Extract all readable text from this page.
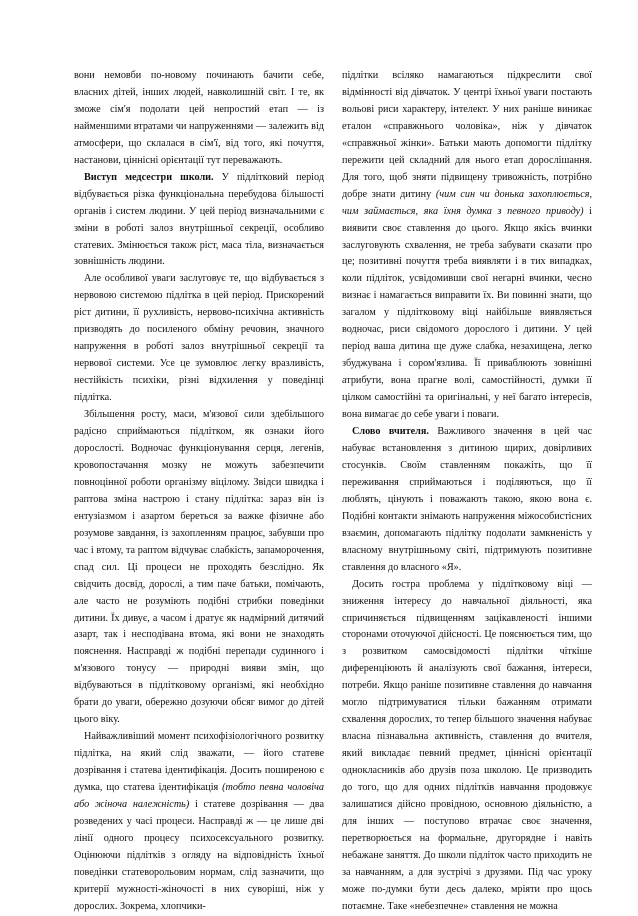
вони немовби по-новому починають бачити себе, власних дітей, інших людей, навколишній світ. І те, як зможе сім'я подолати цей непростий етап — із найменшими втратами чи напруженнями — залежить від атмосфери, що склалася в сім'ї, від того, які почуття, настанови, ціннісні орієнтації тут переважають.

Виступ медсестри школи. У підлітковий період відбувається різка функціональна перебудова більшості органів і систем людини. У цей період визначальними є зміни в роботі залоз внутрішньої секреції, особливо статевих. Змінюється також ріст, маса тіла, визначається зовнішність людини.

Але особливої уваги заслуговує те, що відбувається з нервовою системою підлітка в цей період. Прискорений ріст дитини, її рухливість, нервово-психічна активність призводять до посиленого обміну речовин, значного напруження в роботі залоз внутрішньої секреції та нервової системи. Усе це зумовлює легку вразливість, нестійкість психіки, різні відхилення у поведінці підлітка.

Збільшення росту, маси, м'язової сили здебільшого радісно сприймаються підлітком, як ознаки його дорослості. Водночас функціонування серця, легенів, кровопостачання мозку не можуть забезпечити повноцінної роботи організму віцілому. Звідси швидка і раптова зміна настрою і стану підлітка: зараз він із ентузіазмом і азартом береться за важке фізичне або розумове завдання, із захопленням працює, забувши про час і втому, та раптом відчуває слабкість, запаморочення, спад сил. Ці процеси не проходять безслідно. Як свідчить досвід, дорослі, а тим паче батьки, помічають, але часто не розуміють подібні стрибки поведінки дитини. Їх дивує, а часом і дратує як надмірний дитячий азарт, так і несподівана втома, які вони не знаходять пояснення. Насправді ж подібні перепади судинного і м'язового тонусу — природні вияви змін, що відбуваються в підлітковому організмі, які необхідно брати до уваги, обережно дозуючи обсяг вимог до дітей цього віку.

Найважливіший момент психофізіологічного розвитку підлітка, на який слід зважати, — його статеве дозрівання і статева ідентифікація. Досить поширеною є думка, що статева ідентифікація (тобто певна чоловіча або жіноча належність) і статеве дозрівання — два розведених у часі процеси. Насправді ж — це лише дві лінії одного процесу психосексуального розвитку. Оцінюючи підлітків з огляду на відповідність їхньої поведінки статеворольовим нормам, слід зазначити, що критерії мужності-жіночості в них суворіші, ніж у дорослих. Зокрема, хлопчики-

підлітки всіляко намагаються підкреслити свої відмінності від дівчаток. У центрі їхньої уваги постають вольові риси характеру, інтелект. У них раніше виникає еталон «справжнього чоловіка», ніж у дівчаток «справжньої жінки». Батьки мають допомогти підлітку пережити цей складний для нього етап дорослішання. Для того, щоб зняти підвищену тривожність, потрібно добре знати дитину (чим син чи донька захоплюється, чим займається, яка їхня думка з певного приводу) і виявити своє ставлення до цього. Якщо якісь вчинки заслуговують схвалення, не треба забувати сказати про це; позитивні почуття треба виявляти і в тих випадках, коли підліток, усвідомивши свої негарні вчинки, чесно визнає і намагається виправити їх. Ви повинні знати, що загалом у підлітковому віці найбільше виявляється водночас, риси свідомого дорослого і дитини. У цей період ваша дитина ще дуже слабка, незахищена, легко збуджувана і сором'язлива. Її приваблюють зовнішні атрибути, вона прагне волі, самостійності, думки її цілком самостійні та оригінальні, у неї багато інтересів, вона вимагає до себе уваги і поваги.

Слово вчителя. Важливого значення в цей час набуває встановлення з дитиною щирих, довірливих стосунків. Своїм ставленням покажіть, що її переживання сприймаються і поділяються, що її люблять, цінують і поважають такою, якою вона є. Подібні контакти знімають напруження міжособистісних взаємин, допомагають підлітку подолати замкненість у власному внутрішньому світі, підтримують позитивне ставлення до власного «Я».

Досить гостра проблема у підлітковому віці — зниження інтересу до навчальної діяльності, яка спричиняється підвищенням зацікавленості іншими сторонами оточуючої дійсності. Це пояснюється тим, що з розвитком самосвідомості підлітки чіткіше диференціюють й аналізують свої бажання, інтереси, потреби. Якщо раніше позитивне ставлення до навчання могло підтримуватися тільки бажанням отримати схвалення дорослих, то тепер більшого значення набуває власна пізнавальна активність, ставлення до вчителя, який викладає певний предмет, ціннісні орієнтації однокласників або друзів поза школою. Це призводить до того, що для одних підлітків навчання продовжує залишатися дійсно провідною, основною діяльністю, а для інших — поступово втрачає своє значення, перетворюється на формальне, другорядне і навіть небажане заняття. До школи підліток часто приходить не за навчанням, а для зустрічі з друзями. Під час уроку може по-думки бути десь далеко, мріяти про щось потаємне. Таке «небезпечне» ставлення не можна
